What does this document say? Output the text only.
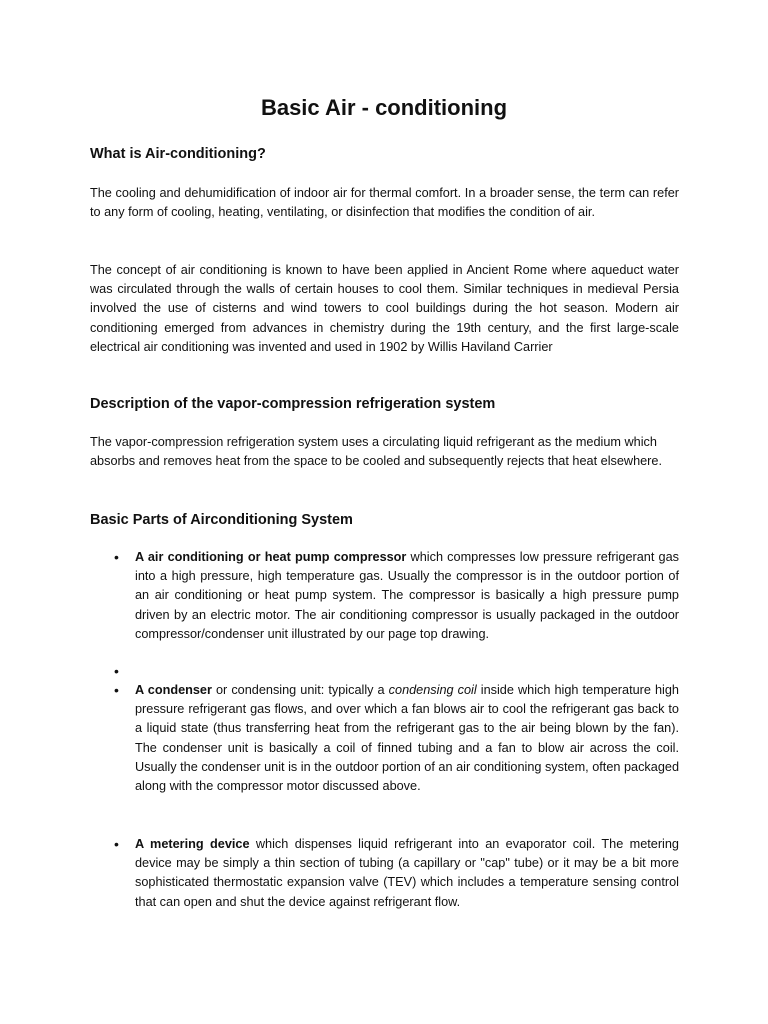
Basic Air - conditioning
What is Air-conditioning?

The cooling and dehumidification of indoor air for thermal comfort. In a broader sense, the term can refer to any form of cooling, heating, ventilating, or disinfection that modifies the condition of air.

The concept of air conditioning is known to have been applied in Ancient Rome where aqueduct water was circulated through the walls of certain houses to cool them. Similar techniques in medieval Persia involved the use of cisterns and wind towers to cool buildings during the hot season. Modern air conditioning emerged from advances in chemistry during the 19th century, and the first large-scale electrical air conditioning was invented and used in 1902 by Willis Haviland Carrier

Description of the vapor-compression refrigeration system

The vapor-compression refrigeration system uses a circulating liquid refrigerant as the medium which absorbs and removes heat from the space to be cooled and subsequently rejects that heat elsewhere.

Basic Parts of Airconditioning System
• A air conditioning or heat pump compressor which compresses low pressure refrigerant gas into a high pressure, high temperature gas. Usually the compressor is in the outdoor portion of an air conditioning or heat pump system. The compressor is basically a high pressure pump driven by an electric motor. The air conditioning compressor is usually packaged in the outdoor compressor/condenser unit illustrated by our page top drawing.
•
• A condenser or condensing unit: typically a condensing coil inside which high temperature high pressure refrigerant gas flows, and over which a fan blows air to cool the refrigerant gas back to a liquid state (thus transferring heat from the refrigerant gas to the air being blown by the fan). The condenser unit is basically a coil of finned tubing and a fan to blow air across the coil. Usually the condenser unit is in the outdoor portion of an air conditioning system, often packaged along with the compressor motor discussed above.
• A metering device which dispenses liquid refrigerant into an evaporator coil. The metering device may be simply a thin section of tubing (a capillary or "cap" tube) or it may be a bit more sophisticated thermostatic expansion valve (TEV) which includes a temperature sensing control that can open and shut the device against refrigerant flow.
